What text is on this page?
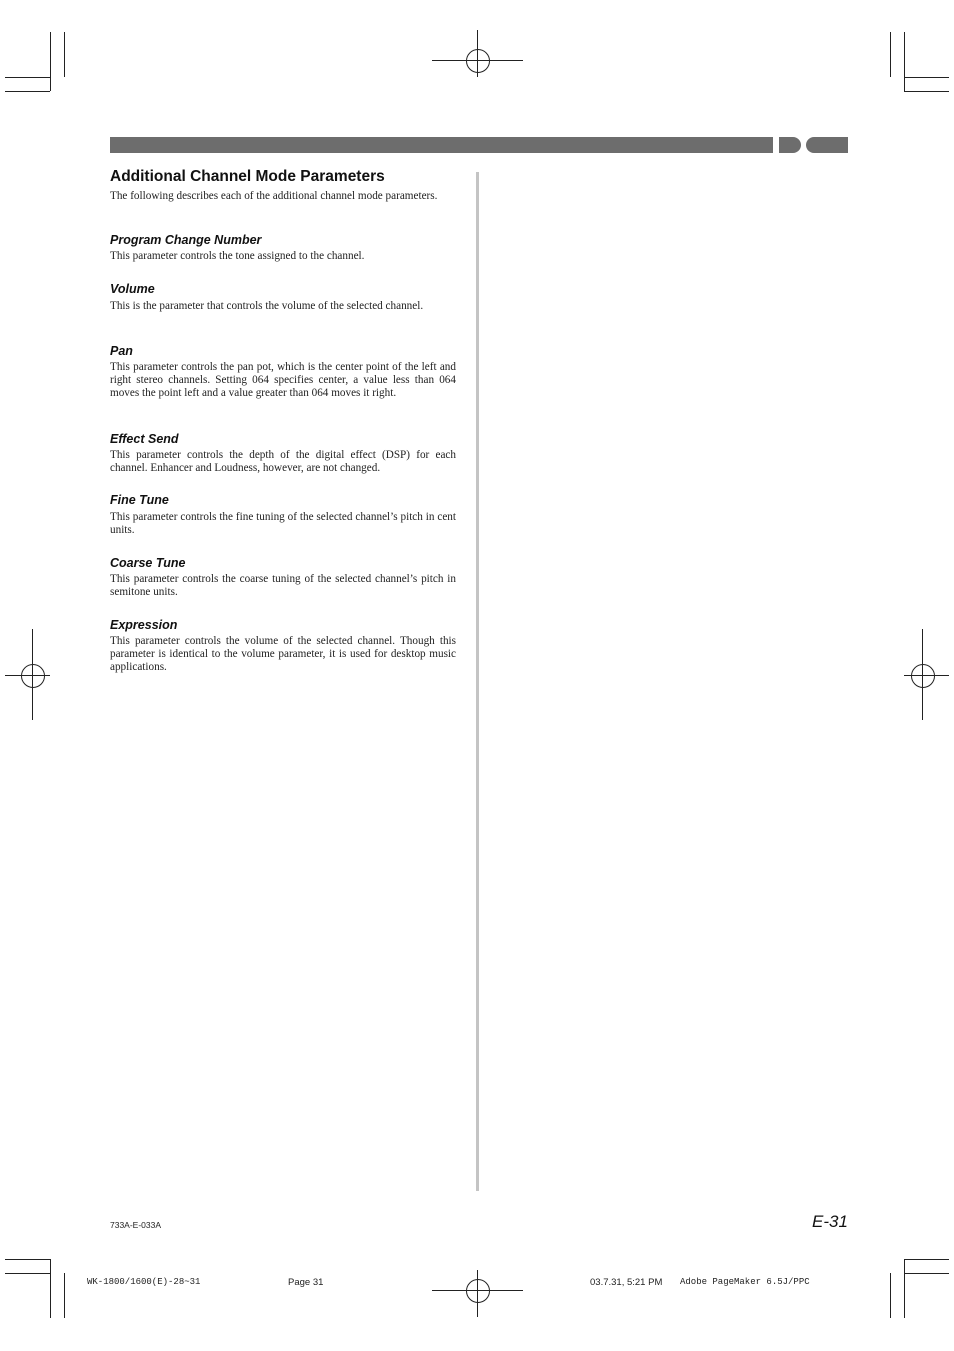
Additional Channel Mode Parameters

The following describes each of the additional channel mode parameters.

Program Change Number

This parameter controls the tone assigned to the channel.

Volume

This is the parameter that controls the volume of the selected channel.

Pan

This parameter controls the pan pot, which is the center point of the left and right stereo channels. Setting 064 specifies center, a value less than 064 moves the point left and a value greater than 064 moves it right.

Effect Send

This parameter controls the depth of the digital effect (DSP) for each channel. Enhancer and Loudness, however, are not changed.

Fine Tune

This parameter controls the fine tuning of the selected channel’s pitch in cent units.

Coarse Tune

This parameter controls the coarse tuning of the selected channel’s pitch in semitone units.

Expression

This parameter controls the volume of the selected channel. Though this parameter is identical to the volume parameter, it is used for desktop music applications.

733A-E-033A	E-31
WK-1800/1600(E)-28~31	Page 31	03.7.31, 5:21 PM Adobe PageMaker 6.5J/PPC
